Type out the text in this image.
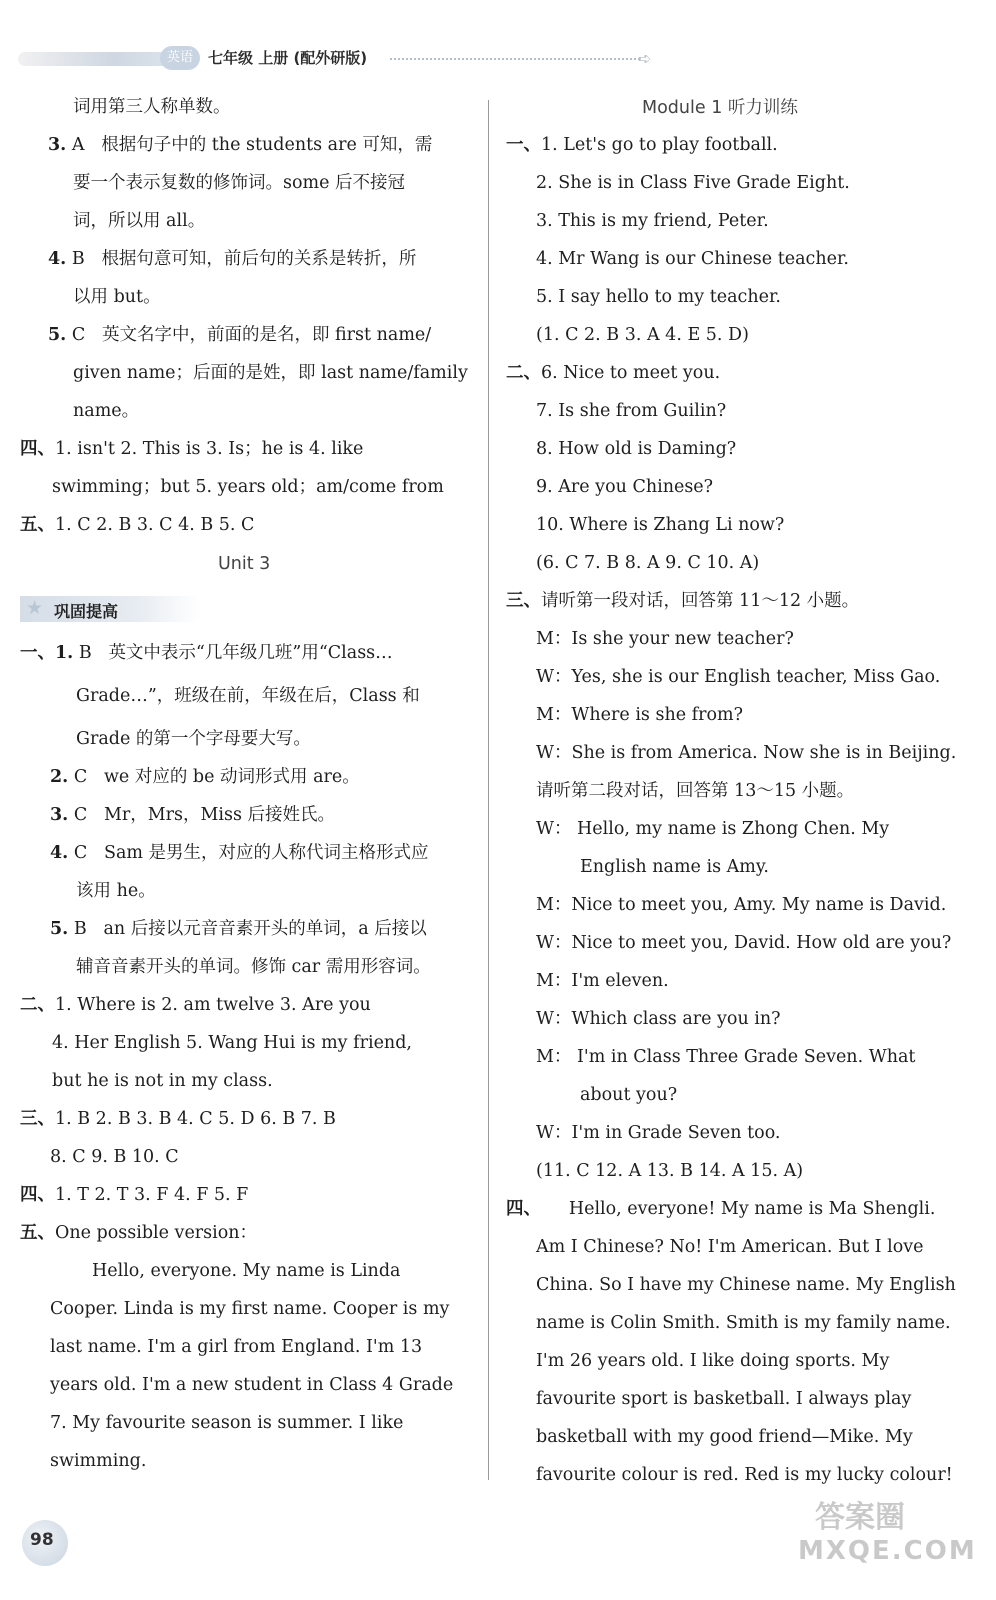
英语	七年级 上册 (配外研版)	➪
词用第三人称单数。
3. A 根据句子中的 the students are 可知，需
要一个表示复数的修饰词。some 后不接冠
词，所以用 all。
4. B 根据句意可知，前后句的关系是转折，所
以用 but。
5. C 英文名字中，前面的是名，即 first name/
given name；后面的是姓，即 last name/family
name。
四、1. isn't 2. This is 3. Is；he is 4. like
swimming；but 5. years old；am/come from
五、1. C 2. B 3. C 4. B 5. C
Unit 3
★ 巩固提高
一、1. B 英文中表示“几年级几班”用“Class…
Grade…”，班级在前，年级在后，Class 和
Grade 的第一个字母要大写。
2. C we 对应的 be 动词形式用 are。
3. C Mr，Mrs，Miss 后接姓氏。
4. C Sam 是男生，对应的人称代词主格形式应
该用 he。
5. B an 后接以元音音素开头的单词，a 后接以
辅音音素开头的单词。修饰 car 需用形容词。
二、1. Where is 2. am twelve 3. Are you
4. Her English 5. Wang Hui is my friend,
but he is not in my class.
三、1. B 2. B 3. B 4. C 5. D 6. B 7. B
8. C 9. B 10. C
四、1. T 2. T 3. F 4. F 5. F
五、One possible version：
Hello, everyone. My name is Linda
Cooper. Linda is my first name. Cooper is my
last name. I'm a girl from England. I'm 13
years old. I'm a new student in Class 4 Grade
7. My favourite season is summer. I like
swimming.
Module 1 听力训练
一、1. Let's go to play football.
2. She is in Class Five Grade Eight.
3. This is my friend, Peter.
4. Mr Wang is our Chinese teacher.
5. I say hello to my teacher.
(1. C 2. B 3. A 4. E 5. D)
二、6. Nice to meet you.
7. Is she from Guilin?
8. How old is Daming?
9. Are you Chinese?
10. Where is Zhang Li now?
(6. C 7. B 8. A 9. C 10. A)
三、请听第一段对话，回答第 11～12 小题。
M：Is she your new teacher?
W：Yes, she is our English teacher, Miss Gao.
M：Where is she from?
W：She is from America. Now she is in Beijing.
请听第二段对话，回答第 13～15 小题。
W： Hello, my name is Zhong Chen. My
English name is Amy.
M：Nice to meet you, Amy. My name is David.
W：Nice to meet you, David. How old are you?
M：I'm eleven.
W：Which class are you in?
M： I'm in Class Three Grade Seven. What
about you?
W：I'm in Grade Seven too.
(11. C 12. A 13. B 14. A 15. A)
四、 Hello, everyone! My name is Ma Shengli.
Am I Chinese? No! I'm American. But I love
China. So I have my Chinese name. My English
name is Colin Smith. Smith is my family name.
I'm 26 years old. I like doing sports. My
favourite sport is basketball. I always play
basketball with my good friend—Mike. My
favourite colour is red. Red is my lucky colour!
98
答案圈
MXQE.COM
